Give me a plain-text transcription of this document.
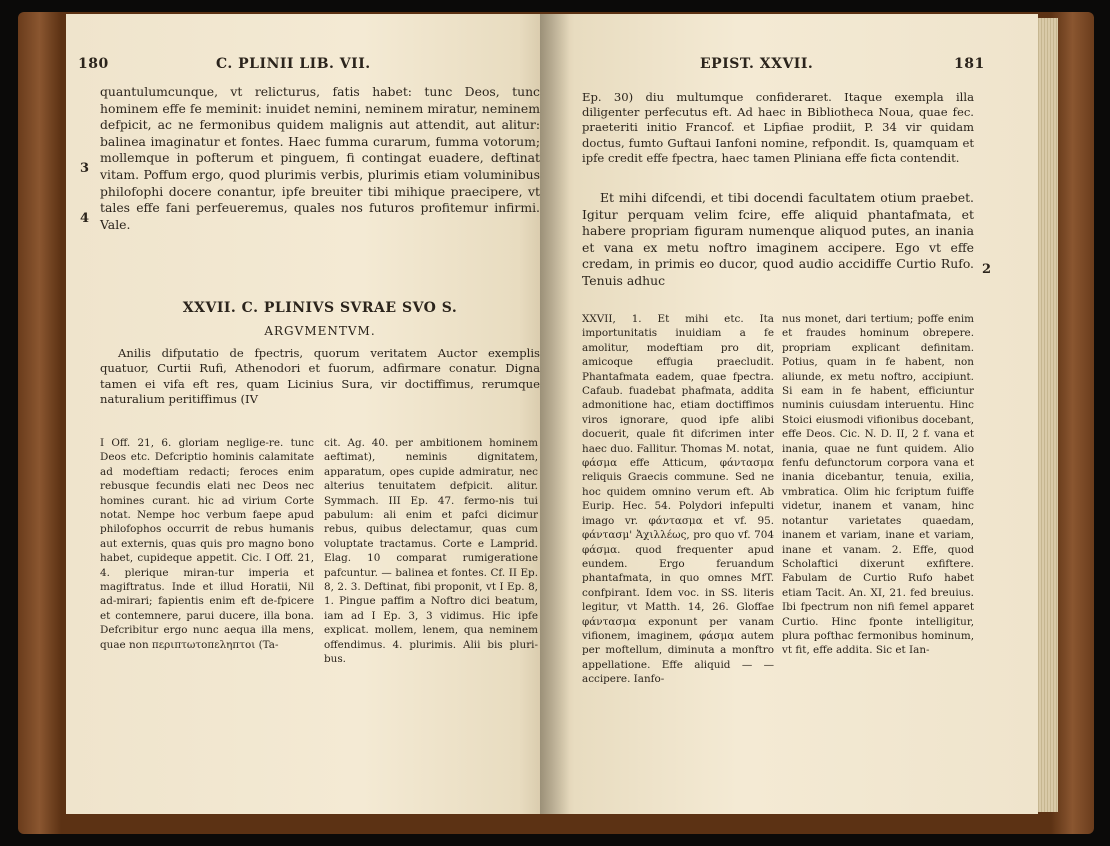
180	C. PLINII LIB. VII.
3
4

quantulumcunque, vt relicturus, fatis habet: tunc Deos, tunc hominem effe fe meminit: inuidet nemini, neminem miratur, neminem defpicit, ac ne fermonibus quidem malignis aut attendit, aut alitur: balinea imaginatur et fontes. Haec fumma curarum, fumma votorum; mollemque in pofterum et pinguem, fi contingat euadere, deftinat vitam. Poffum ergo, quod plurimis verbis, plurimis etiam voluminibus philofophi docere conantur, ipfe breuiter tibi mihique praecipere, vt tales effe fani perfeueremus, quales nos futuros profitemur infirmi. Vale.

XXVII. C. PLINIVS SVRAE SVO S.
ARGVMENTVM.
Anilis difputatio de fpectris, quorum veritatem Auctor exemplis quatuor, Curtii Rufi, Athenodori et fuorum, adfirmare conatur. Digna tamen ei vifa eft res, quam Licinius Sura, vir doctiffimus, rerumque naturalium peritiffimus (IV
I Off. 21, 6. gloriam neglige-re. tunc Deos etc. Defcriptio hominis calamitate ad modeftiam redacti; feroces enim rebusque fecundis elati nec Deos nec homines curant. hic ad virium Corte notat. Nempe hoc verbum faepe apud philofophos occurrit de rebus humanis aut externis, quas quis pro magno bono habet, cupideque appetit. Cic. I Off. 21, 4. plerique miran-tur imperia et magiftratus. Inde et illud Horatii, Nil ad-mirari; fapientis enim eft de-fpicere et contemnere, parui ducere, illa bona. Defcribitur ergo nunc aequa illa mens, quae non περιπτωτοπεληπτοι (Ta-
cit. Ag. 40. per ambitionem hominem aeftimat), neminis dignitatem, apparatum, opes cupide admiratur, nec alterius tenuitatem defpicit. alitur. Symmach. III Ep. 47. fermo-nis tui pabulum: ali enim et pafci dicimur rebus, quibus delectamur, quas cum voluptate tractamus. Corte e Lamprid. Elag. 10 comparat rumigeratione pafcuntur. — balinea et fontes. Cf. II Ep. 8, 2. 3. Deftinat, fibi proponit, vt I Ep. 8, 1. Pingue paffim a Noftro dici beatum, iam ad I Ep. 3, 3 vidimus. Hic ipfe explicat. mollem, lenem, qua neminem offendimus. 4. plurimis. Alii bis pluri-bus.
EPIST. XXVII.	181
Ep. 30) diu multumque confideraret. Itaque exempla illa diligenter perfecutus eft. Ad haec in Bibliotheca Noua, quae fec. praeteriti initio Francof. et Lipfiae prodiit, P. 34 vir quidam doctus, fumto Guftaui Ianfoni nomine, refpondit. Is, quamquam et ipfe credit effe fpectra, haec tamen Pliniana effe ficta contendit.
Et mihi difcendi, et tibi docendi facultatem otium praebet. Igitur perquam velim fcire, effe aliquid phantafmata, et habere propriam figuram numenque aliquod putes, an inania et vana ex metu noftro imaginem accipere. Ego vt effe credam, in primis eo ducor, quod audio accidiffe Curtio Rufo. Tenuis adhuc
2
XXVII, 1. Et mihi etc. Ita importunitatis inuidiam a fe amolitur, modeftiam pro dit, amicoque effugia praecludit. Phantafmata eadem, quae fpectra. Cafaub. fuadebat phafmata, addita admonitione hac, etiam doctiffimos viros ignorare, quod ipfe alibi docuerit, quale fit difcrimen inter haec duo. Fallitur. Thomas M. notat, φάσμα effe Atticum, φάντασμα reliquis Graecis commune. Sed ne hoc quidem omnino verum eft. Ab Eurip. Hec. 54. Polydori infepulti imago vr. φάντασμα et vf. 95. φάντασμ' Ἀχιλλέως, pro quo vf. 704 φάσμα. quod frequenter apud eundem. Ergo feruandum phantafmata, in quo omnes MfT. confpirant. Idem voc. in SS. literis legitur, vt Matth. 14, 26. Gloffae φάντασμα exponunt per vanam vifionem, imaginem, φάσμα autem per moftellum, diminuta a monftro appellatione. Effe aliquid — — accipere. Ianfo-
nus monet, dari tertium; poffe enim et fraudes hominum obrepere. propriam explicant definitam. Potius, quam in fe habent, non aliunde, ex metu noftro, accipiunt. Si eam in fe habent, efficiuntur numinis cuiusdam interuentu. Hinc Stoici eiusmodi vifionibus docebant, effe Deos. Cic. N. D. II, 2 f. vana et inania, quae ne funt quidem. Alio fenfu defunctorum corpora vana et inania dicebantur, tenuia, exilia, vmbratica. Olim hic fcriptum fuiffe videtur, inanem et vanam, hinc notantur varietates quaedam, inanem et variam, inane et variam, inane et vanam. 2. Effe, quod Scholaftici dixerunt exfiftere. Fabulam de Curtio Rufo habet etiam Tacit. An. XI, 21. fed breuius. Ibi fpectrum non nifi femel apparet Curtio. Hinc fponte intelligitur, plura pofthac fermonibus hominum, vt fit, effe addita. Sic et Ian-
